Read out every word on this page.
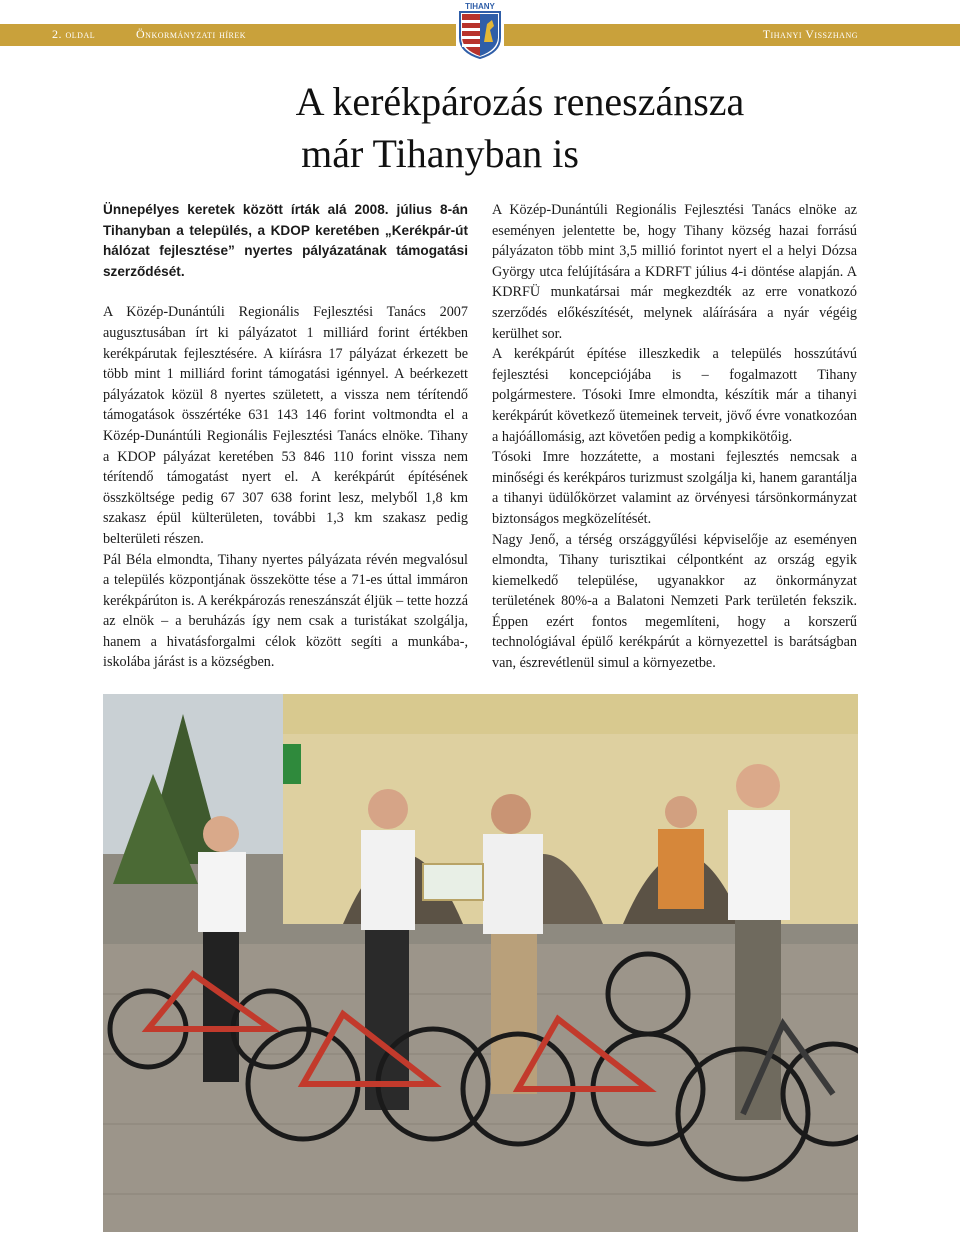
2. oldal	Önkormányzati hírek	Tihanyi Visszhang
TIHANY
A kerékpározás reneszánsza
már Tihanyban is

Ünnepélyes keretek között írták alá 2008. július 8-án Tihanyban a település, a KDOP keretében „Kerékpár-út hálózat fejlesztése” nyertes pályázatának támogatási szerződését.

A Közép-Dunántúli Regionális Fejlesztési Tanács 2007 augusztusában írt ki pályázatot 1 milliárd forint értékben kerékpárutak fejlesztésére. A kiírásra 17 pályázat érkezett be több mint 1 milliárd forint támogatási igénnyel. A beérkezett pályázatok közül 8 nyertes született, a vissza nem térítendő támogatások összértéke 631 143 146 forint voltmondta el a Közép-Dunántúli Regionális Fejlesztési Tanács elnöke. Tihany a KDOP pályázat keretében 53 846 110 forint vissza nem térítendő támogatást nyert el. A kerékpárút építésének összköltsége pedig 67 307 638 forint lesz, melyből 1,8 km szakasz épül külterületen, további 1,3 km szakasz pedig belterületi részen.

Pál Béla elmondta, Tihany nyertes pályázata révén megvalósul a település központjának összekötte tése a 71-es úttal immáron kerékpárúton is. A kerékpározás reneszánszát éljük – tette hozzá az elnök – a beruházás így nem csak a turistákat szolgálja, hanem a hivatásforgalmi célok között segíti a munkába-, iskolába járást is a községben.

A Közép-Dunántúli Regionális Fejlesztési Tanács elnöke az eseményen jelentette be, hogy Tihany község hazai forrású pályázaton több mint 3,5 millió forintot nyert el a helyi Dózsa György utca felújítására a KDRFT július 4-i döntése alapján. A KDRFÜ munkatársai már megkezdték az erre vonatkozó szerződés előkészítését, melynek aláírására a nyár végéig kerülhet sor.

A kerékpárút építése illeszkedik a település hosszútávú fejlesztési koncepciójába is – fogalmazott Tihany polgármestere. Tósoki Imre elmondta, készítik már a tihanyi kerékpárút következő ütemeinek terveit, jövő évre vonatkozóan a hajóállomásig, azt követően pedig a kompkikötőig.

Tósoki Imre hozzátette, a mostani fejlesztés nemcsak a minőségi és kerékpáros turizmust szolgálja ki, hanem garantálja a tihanyi üdülőkörzet valamint az örvényesi társönkormányzat biztonságos megközelítését.

Nagy Jenő, a térség országgyűlési képviselője az eseményen elmondta, Tihany turisztikai célpontként az ország egyik kiemelkedő települése, ugyanakkor az önkormányzat területének 80%-a a Balatoni Nemzeti Park területén fekszik. Éppen ezért fontos megemlíteni, hogy a korszerű technológiával épülő kerékpárút a környezettel is barátságban van, észrevétlenül simul a környezetbe.
